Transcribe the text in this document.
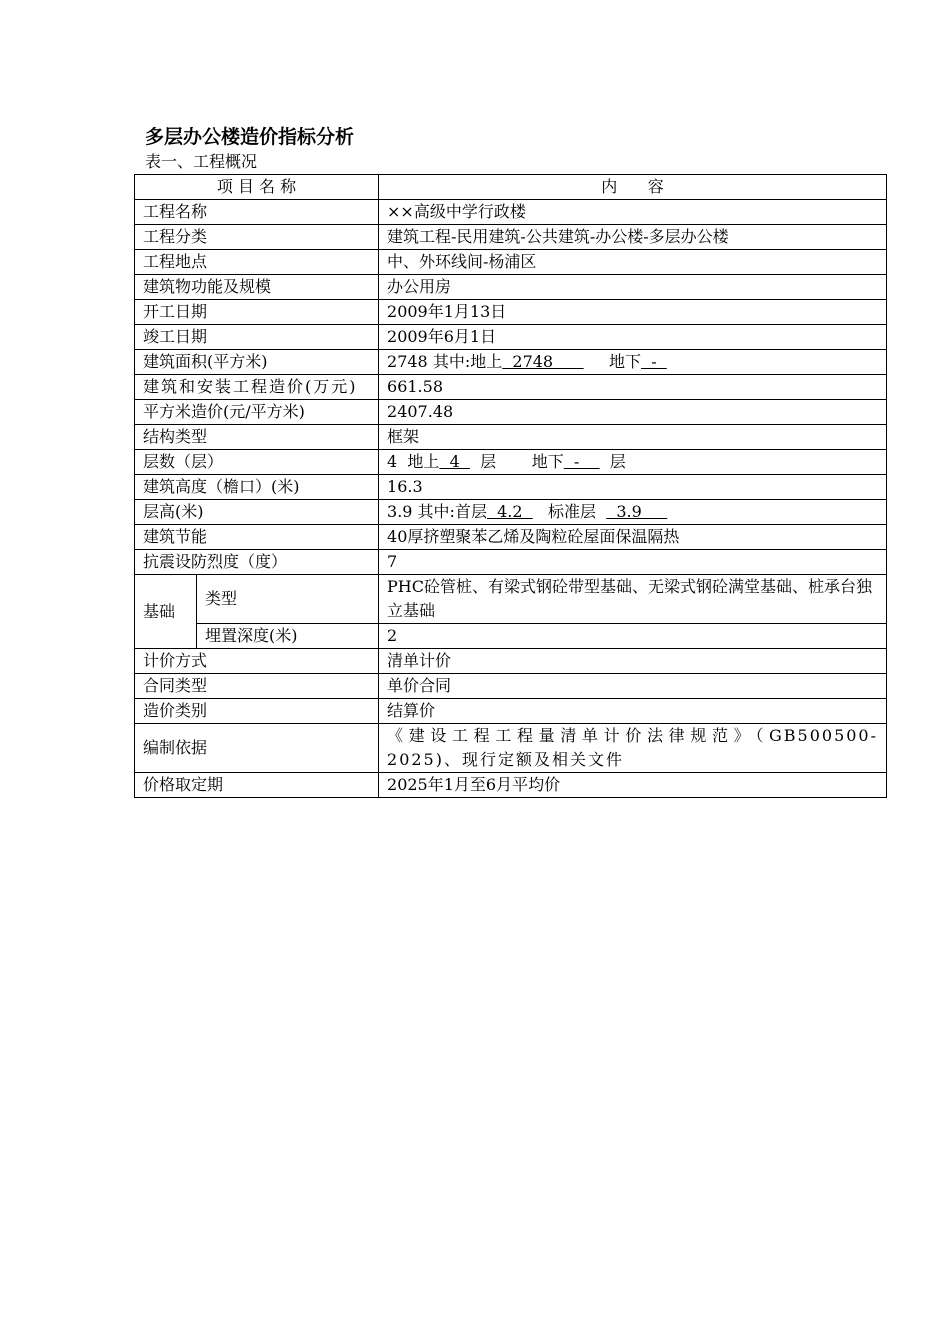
多层办公楼造价指标分析
表一、工程概况
项 目 名 称		内      容
工程名称		××高级中学行政楼
工程分类		建筑工程-民用建筑-公共建筑-办公楼-多层办公楼
工程地点		中、外环线间-杨浦区
建筑物功能及规模		办公用房
开工日期		2009年1月13日
竣工日期		2009年6月1日
建筑面积(平方米)		2748 其中:地上  2748           地下  -
建筑和安装工程造价(万元)		661.58
平方米造价(元/平方米)		2407.48
结构类型		框架
层数（层）		4  地上  4    层       地下  -      层
建筑高度（檐口）(米)		16.3
层高(米)		3.9 其中:首层  4.2     标准层    3.9
建筑节能		40厚挤塑聚苯乙烯及陶粒砼屋面保温隔热
抗震设防烈度（度）		7
基础	类型	PHC砼管桩、有梁式钢砼带型基础、无梁式钢砼满堂基础、桩承台独立基础
	埋置深度(米)	2
计价方式		清单计价
合同类型		单价合同
造价类别		结算价
编制依据		《建设工程工程量清单计价法律规范》（GB500500-2025)、现行定额及相关文件
价格取定期		2025年1月至6月平均价
